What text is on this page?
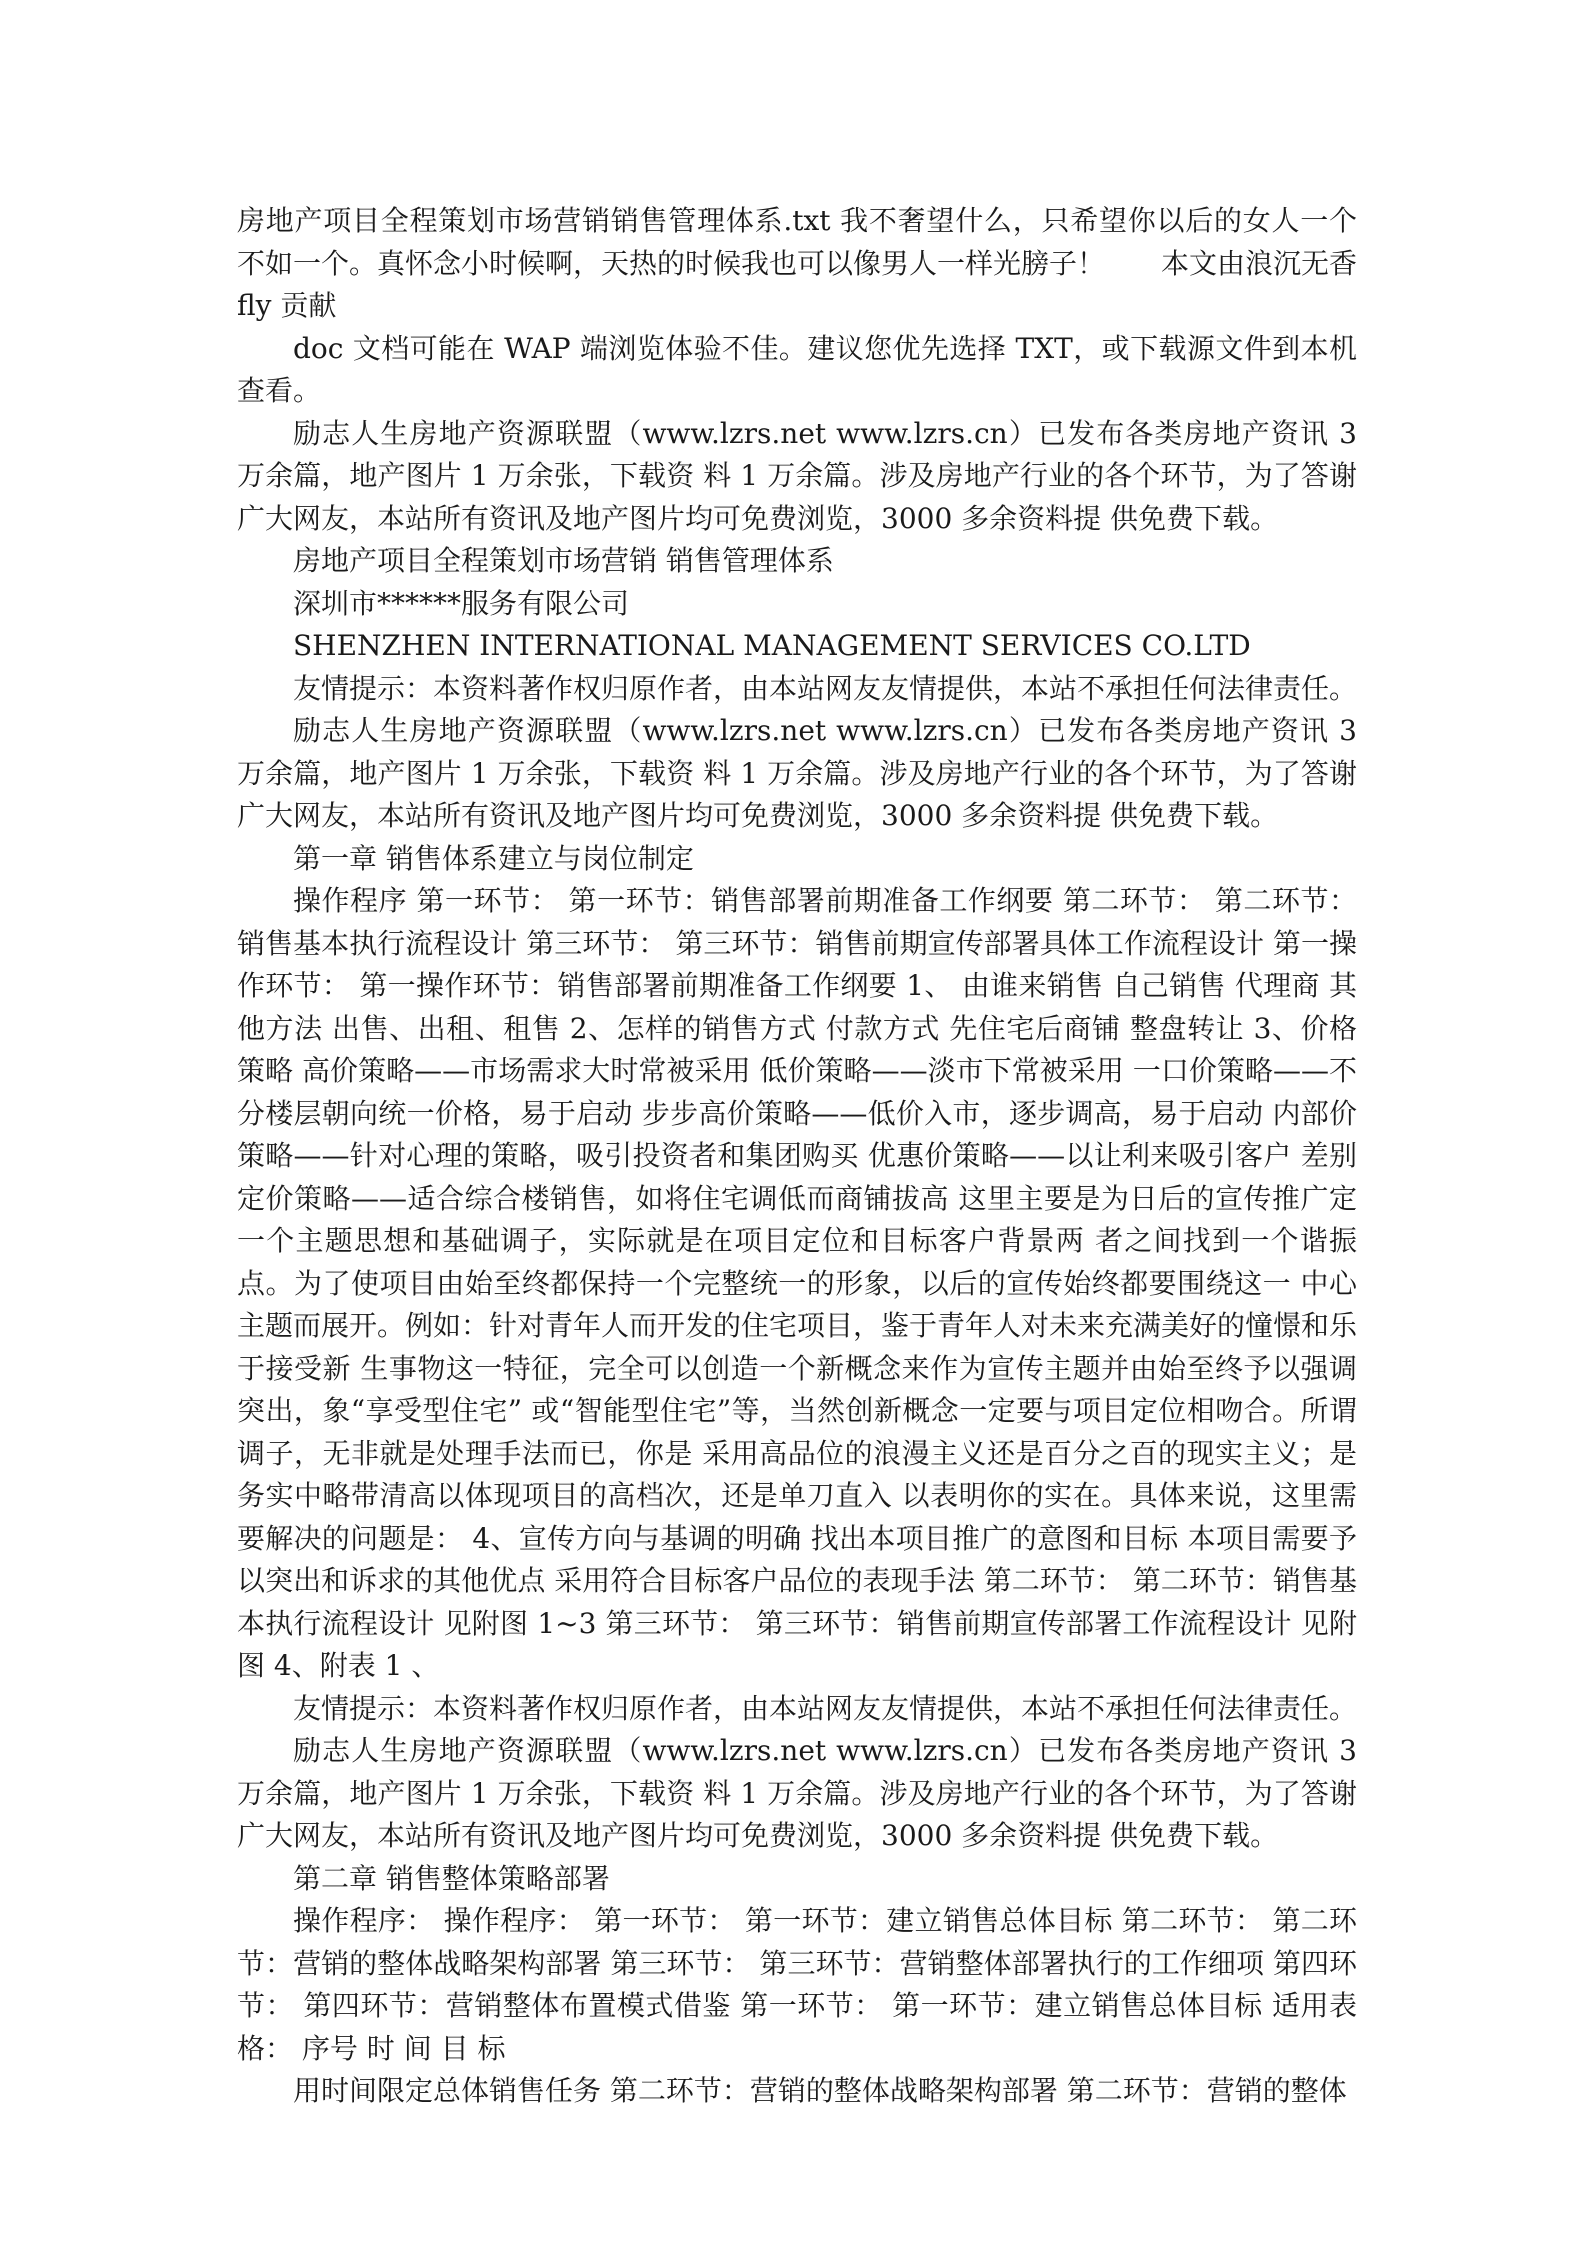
房地产项目全程策划市场营销销售管理体系.txt 我不奢望什么，只希望你以后的女人一个不如一个。真怀念小时候啊，天热的时候我也可以像男人一样光膀子！　　本文由浪沉无香 fly 贡献

doc 文档可能在 WAP 端浏览体验不佳。建议您优先选择 TXT，或下载源文件到本机查看。

励志人生房地产资源联盟（www.lzrs.net www.lzrs.cn）已发布各类房地产资讯 3 万余篇，地产图片 1 万余张，下载资 料 1 万余篇。涉及房地产行业的各个环节，为了答谢广大网友，本站所有资讯及地产图片均可免费浏览，3000 多余资料提 供免费下载。

房地产项目全程策划市场营销 销售管理体系

深圳市******服务有限公司

SHENZHEN INTERNATIONAL MANAGEMENT SERVICES CO.LTD

友情提示：本资料著作权归原作者，由本站网友友情提供，本站不承担任何法律责任。

励志人生房地产资源联盟（www.lzrs.net www.lzrs.cn）已发布各类房地产资讯 3 万余篇，地产图片 1 万余张，下载资 料 1 万余篇。涉及房地产行业的各个环节，为了答谢广大网友，本站所有资讯及地产图片均可免费浏览，3000 多余资料提 供免费下载。

第一章 销售体系建立与岗位制定

操作程序 第一环节： 第一环节：销售部署前期准备工作纲要 第二环节： 第二环节：销售基本执行流程设计 第三环节： 第三环节：销售前期宣传部署具体工作流程设计 第一操作环节： 第一操作环节：销售部署前期准备工作纲要 1、 由谁来销售 自己销售 代理商 其他方法 出售、出租、租售 2、怎样的销售方式 付款方式 先住宅后商铺 整盘转让 3、价格策略 高价策略——市场需求大时常被采用 低价策略——淡市下常被采用 一口价策略——不分楼层朝向统一价格，易于启动 步步高价策略——低价入市，逐步调高，易于启动 内部价策略——针对心理的策略，吸引投资者和集团购买 优惠价策略——以让利来吸引客户 差别定价策略——适合综合楼销售，如将住宅调低而商铺拔高 这里主要是为日后的宣传推广定一个主题思想和基础调子，实际就是在项目定位和目标客户背景两 者之间找到一个谐振点。为了使项目由始至终都保持一个完整统一的形象，以后的宣传始终都要围绕这一 中心主题而展开。例如：针对青年人而开发的住宅项目，鉴于青年人对未来充满美好的憧憬和乐于接受新 生事物这一特征，完全可以创造一个新概念来作为宣传主题并由始至终予以强调突出，象“享受型住宅” 或“智能型住宅”等，当然创新概念一定要与项目定位相吻合。所谓调子，无非就是处理手法而已，你是 采用高品位的浪漫主义还是百分之百的现实主义；是务实中略带清高以体现项目的高档次，还是单刀直入 以表明你的实在。具体来说，这里需要解决的问题是： 4、宣传方向与基调的明确 找出本项目推广的意图和目标 本项目需要予以突出和诉求的其他优点 采用符合目标客户品位的表现手法 第二环节： 第二环节：销售基本执行流程设计 见附图 1~3 第三环节： 第三环节：销售前期宣传部署工作流程设计 见附图 4、附表 1 、

友情提示：本资料著作权归原作者，由本站网友友情提供，本站不承担任何法律责任。

励志人生房地产资源联盟（www.lzrs.net www.lzrs.cn）已发布各类房地产资讯 3 万余篇，地产图片 1 万余张，下载资 料 1 万余篇。涉及房地产行业的各个环节，为了答谢广大网友，本站所有资讯及地产图片均可免费浏览，3000 多余资料提 供免费下载。

第二章 销售整体策略部署

操作程序： 操作程序： 第一环节： 第一环节：建立销售总体目标 第二环节： 第二环节：营销的整体战略架构部署 第三环节： 第三环节：营销整体部署执行的工作细项 第四环节： 第四环节：营销整体布置模式借鉴 第一环节： 第一环节：建立销售总体目标 适用表格： 序号 时 间 目 标

用时间限定总体销售任务 第二环节：营销的整体战略架构部署 第二环节：营销的整体
